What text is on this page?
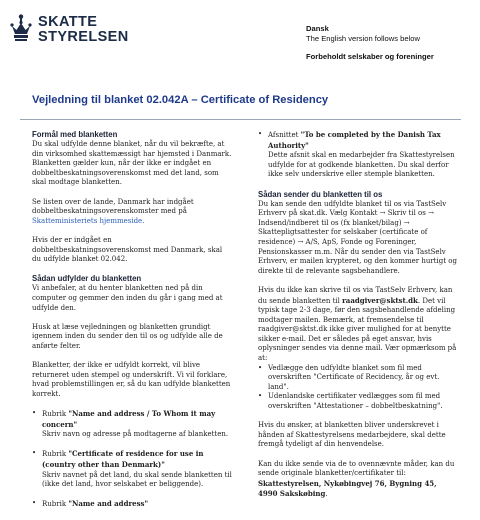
SKATTE
STYRELSEN
Dansk
The English version follows below
Forbeholdt selskaber og foreninger
Vejledning til blanket 02.042A – Certificate of Residency
Formål med blanketten

Du skal udfylde denne blanket, når du vil bekræfte, at din virksomhed skattemæssigt har hjemsted i Danmark. Blanketten gælder kun, når der ikke er indgået en dobbeltbeskatningsoverenskomst med det land, som skal modtage blanketten.

Se listen over de lande, Danmark har indgået dobbeltbeskatningsoverenskomster med på Skatteministeriets hjemmeside.

Hvis der er indgået en dobbeltbeskatningsoverenskomst med Danmark, skal du udfylde blanket 02.042.

Sådan udfylder du blanketten

Vi anbefaler, at du henter blanketten ned på din computer og gemmer den inden du går i gang med at udfylde den.

Husk at læse vejledningen og blanketten grundigt igennem inden du sender den til os og udfylde alle de anførte felter.

Blanketter, der ikke er udfyldt korrekt, vil blive returneret uden stempel og underskrift. Vi vil forklare, hvad problemstillingen er, så du kan udfylde blanketten korrekt.

• Rubrik "Name and address / To Whom it may concern"
Skriv navn og adresse på modtagerne af blanketten.
• Rubrik "Certificate of residence for use in (country other than Denmark)"
Skriv navnet på det land, du skal sende blanketten til (ikke det land, hvor selskabet er beliggende).
• Rubrik "Name and address"
• Afsnittet "To be completed by the Danish Tax Authority"
Dette afsnit skal en medarbejder fra Skattestyrelsen udfylde for at godkende blanketten. Du skal derfor ikke selv underskrive eller stemple blanketten.
Sådan sender du blanketten til os

Du kan sende den udfyldte blanket til os via TastSelv Erhverv på skat.dk. Vælg Kontakt → Skriv til os → Indsend/indberet til os (fx blanket/bilag) → Skattepligtsattester for selskaber (certificate of residence) → A/S, ApS, Fonde og Foreninger, Pensionskasser m.m. Når du sender den via TastSelv Erhverv, er mailen krypteret, og den kommer hurtigt og direkte til de relevante sagsbehandlere.

Hvis du ikke kan skrive til os via TastSelv Erhverv, kan du sende blanketten til raadgiver@sktst.dk. Det vil typisk tage 2-3 dage, før den sagsbehandlende afdeling modtager mailen. Bemærk, at fremsendelse til raadgiver@sktst.dk ikke giver mulighed for at benytte sikker e-mail. Det er således på eget ansvar, hvis oplysninger sendes via denne mail. Vær opmærksom på at:

• Vedlægge den udfyldte blanket som fil med overskriften "Certificate of Recidency, år og evt. land".
• Udenlandske certifikater vedlægges som fil med overskriften "Attestationer – dobbeltbeskatning".

Hvis du ønsker, at blanketten bliver underskrevet i hånden af Skattestyrelsens medarbejdere, skal dette fremgå tydeligt af din henvendelse.

Kan du ikke sende via de to ovennævnte måder, kan du sende originale blanketter/certifikater til: Skattestyrelsen, Nykøbingvej 76, Bygning 45, 4990 Sakskøbing.
